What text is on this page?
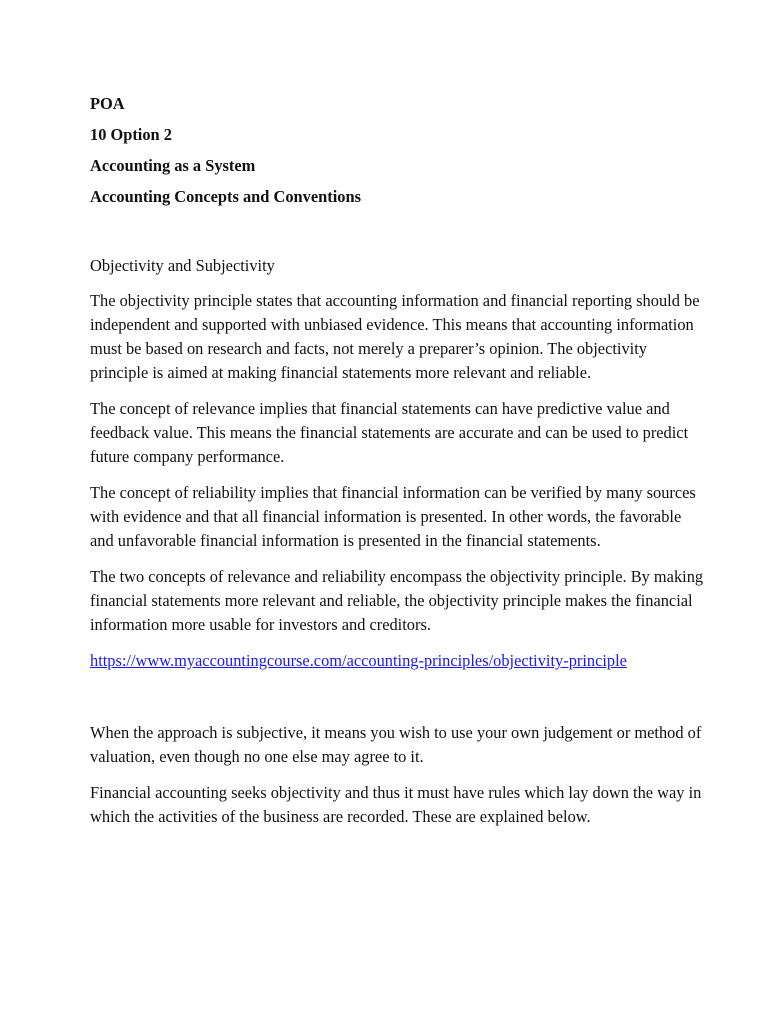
POA
10 Option 2
Accounting as a System
Accounting Concepts and Conventions
Objectivity and Subjectivity

The objectivity principle states that accounting information and financial reporting should be independent and supported with unbiased evidence. This means that accounting information must be based on research and facts, not merely a preparer’s opinion. The objectivity principle is aimed at making financial statements more relevant and reliable.

The concept of relevance implies that financial statements can have predictive value and feedback value. This means the financial statements are accurate and can be used to predict future company performance.

The concept of reliability implies that financial information can be verified by many sources with evidence and that all financial information is presented. In other words, the favorable and unfavorable financial information is presented in the financial statements.

The two concepts of relevance and reliability encompass the objectivity principle. By making financial statements more relevant and reliable, the objectivity principle makes the financial information more usable for investors and creditors.

https://www.myaccountingcourse.com/accounting-principles/objectivity-principle

When the approach is subjective, it means you wish to use your own judgement or method of valuation, even though no one else may agree to it.

Financial accounting seeks objectivity and thus it must have rules which lay down the way in which the activities of the business are recorded. These are explained below.
